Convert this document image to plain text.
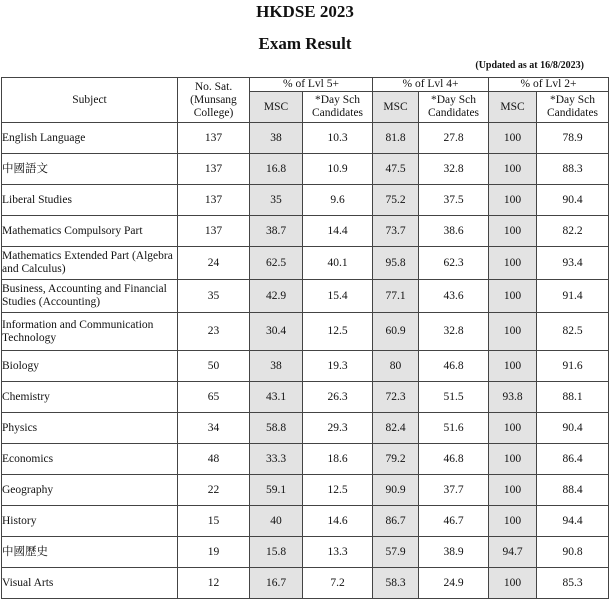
HKDSE 2023
Exam Result
(Updated as at 16/8/2023)
Subject	No. Sat. (Munsang College)	% of Lvl 5+		% of Lvl 4+		% of Lvl 2+	
		MSC	*Day Sch Candidates	MSC	*Day Sch Candidates	MSC	*Day Sch Candidates
English Language	137	38	10.3	81.8	27.8	100	78.9
中國語文	137	16.8	10.9	47.5	32.8	100	88.3
Liberal Studies	137	35	9.6	75.2	37.5	100	90.4
Mathematics Compulsory Part	137	38.7	14.4	73.7	38.6	100	82.2
Mathematics Extended Part (Algebra and Calculus)	24	62.5	40.1	95.8	62.3	100	93.4
Business, Accounting and Financial Studies (Accounting)	35	42.9	15.4	77.1	43.6	100	91.4
Information and Communication Technology	23	30.4	12.5	60.9	32.8	100	82.5
Biology	50	38	19.3	80	46.8	100	91.6
Chemistry	65	43.1	26.3	72.3	51.5	93.8	88.1
Physics	34	58.8	29.3	82.4	51.6	100	90.4
Economics	48	33.3	18.6	79.2	46.8	100	86.4
Geography	22	59.1	12.5	90.9	37.7	100	88.4
History	15	40	14.6	86.7	46.7	100	94.4
中國歷史	19	15.8	13.3	57.9	38.9	94.7	90.8
Visual Arts	12	16.7	7.2	58.3	24.9	100	85.3
